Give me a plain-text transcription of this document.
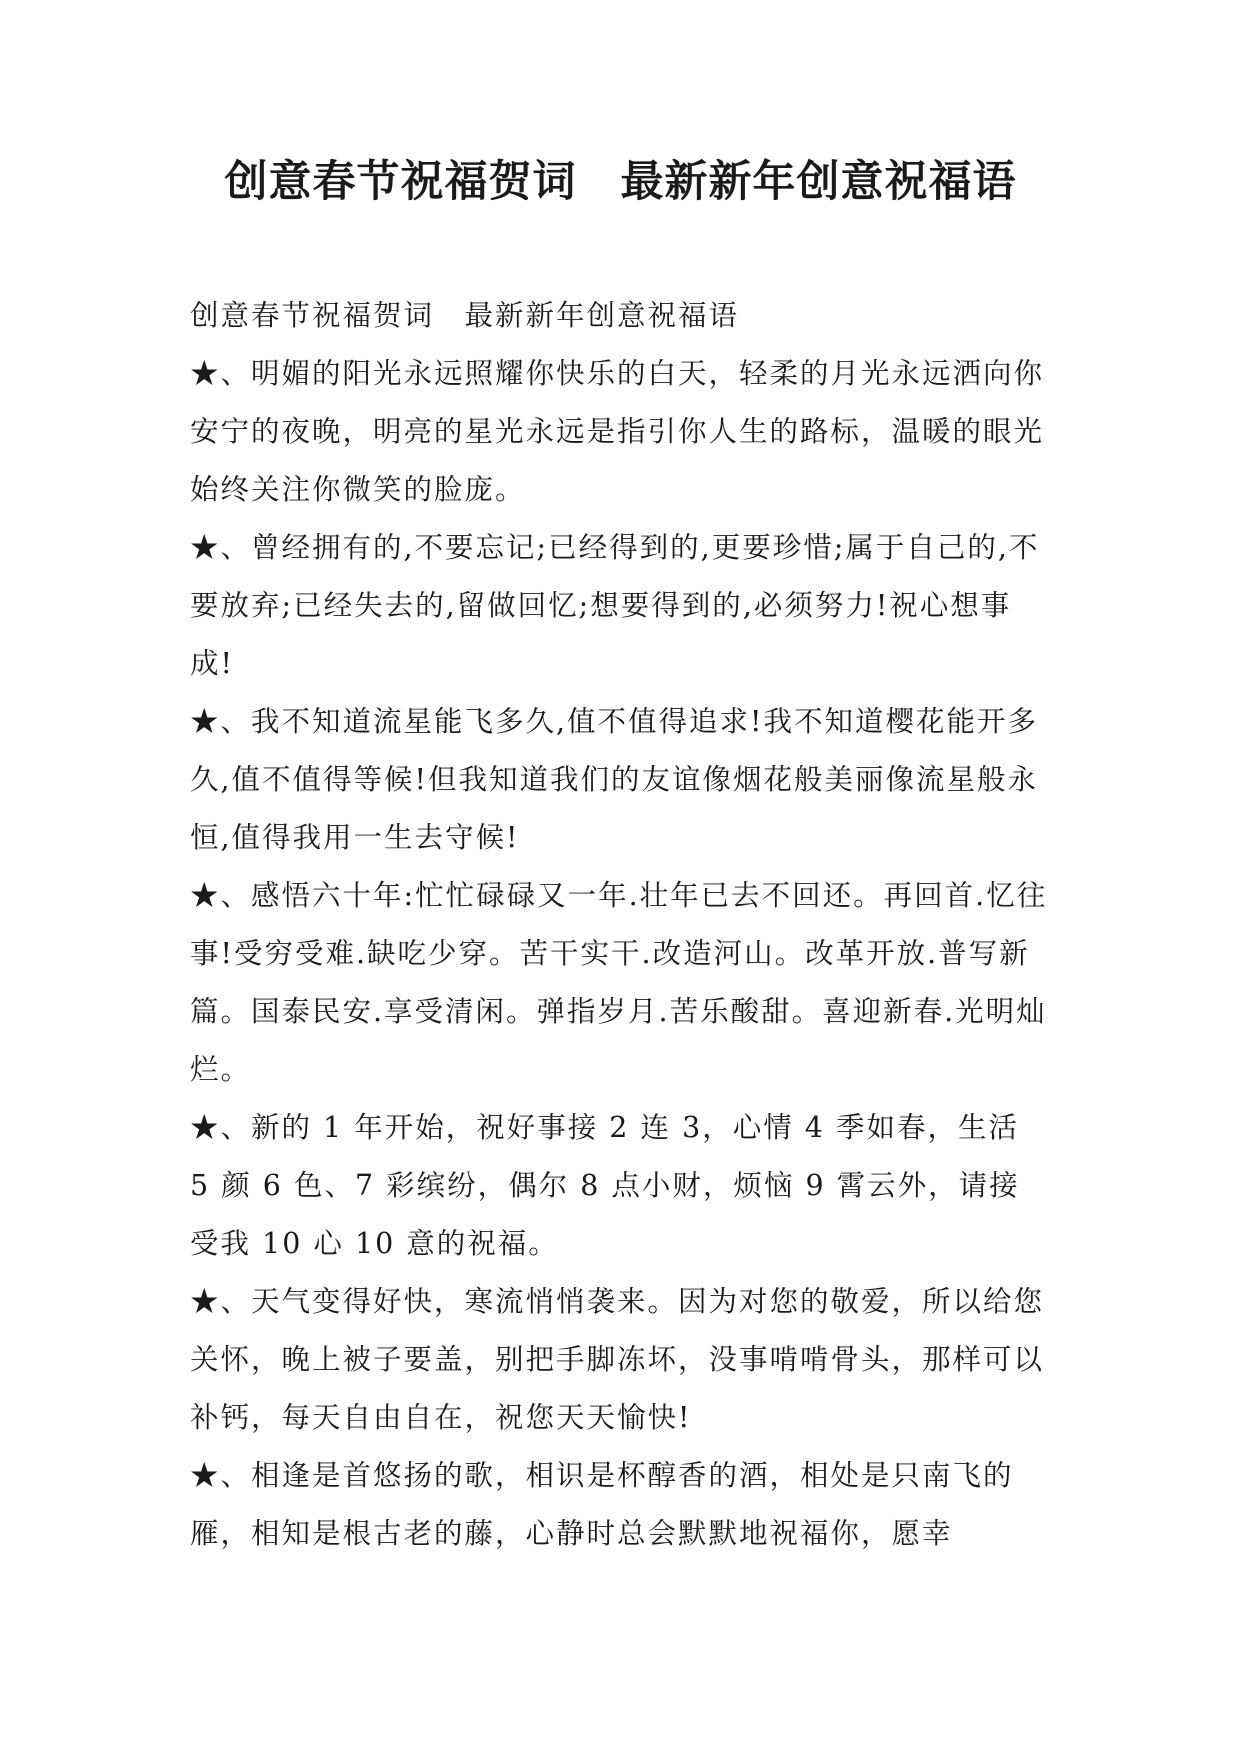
创意春节祝福贺词　最新新年创意祝福语

创意春节祝福贺词　最新新年创意祝福语

★、明媚的阳光永远照耀你快乐的白天，轻柔的月光永远洒向你安宁的夜晚，明亮的星光永远是指引你人生的路标，温暖的眼光始终关注你微笑的脸庞。

★、曾经拥有的,不要忘记;已经得到的,更要珍惜;属于自己的,不要放弃;已经失去的,留做回忆;想要得到的,必须努力!祝心想事成!

★、我不知道流星能飞多久,值不值得追求!我不知道樱花能开多久,值不值得等候!但我知道我们的友谊像烟花般美丽像流星般永恒,值得我用一生去守候!

★、感悟六十年:忙忙碌碌又一年.壮年已去不回还。再回首.忆往事!受穷受难.缺吃少穿。苦干实干.改造河山。改革开放.普写新篇。国泰民安.享受清闲。弹指岁月.苦乐酸甜。喜迎新春.光明灿烂。

★、新的 1 年开始，祝好事接 2 连 3，心情 4 季如春，生活 5 颜 6 色、7 彩缤纷，偶尔 8 点小财，烦恼 9 霄云外，请接受我 10 心 10 意的祝福。

★、天气变得好快，寒流悄悄袭来。因为对您的敬爱，所以给您关怀，晚上被子要盖，别把手脚冻坏，没事啃啃骨头，那样可以补钙，每天自由自在，祝您天天愉快!

★、相逢是首悠扬的歌，相识是杯醇香的酒，相处是只南飞的雁，相知是根古老的藤，心静时总会默默地祝福你，愿幸
